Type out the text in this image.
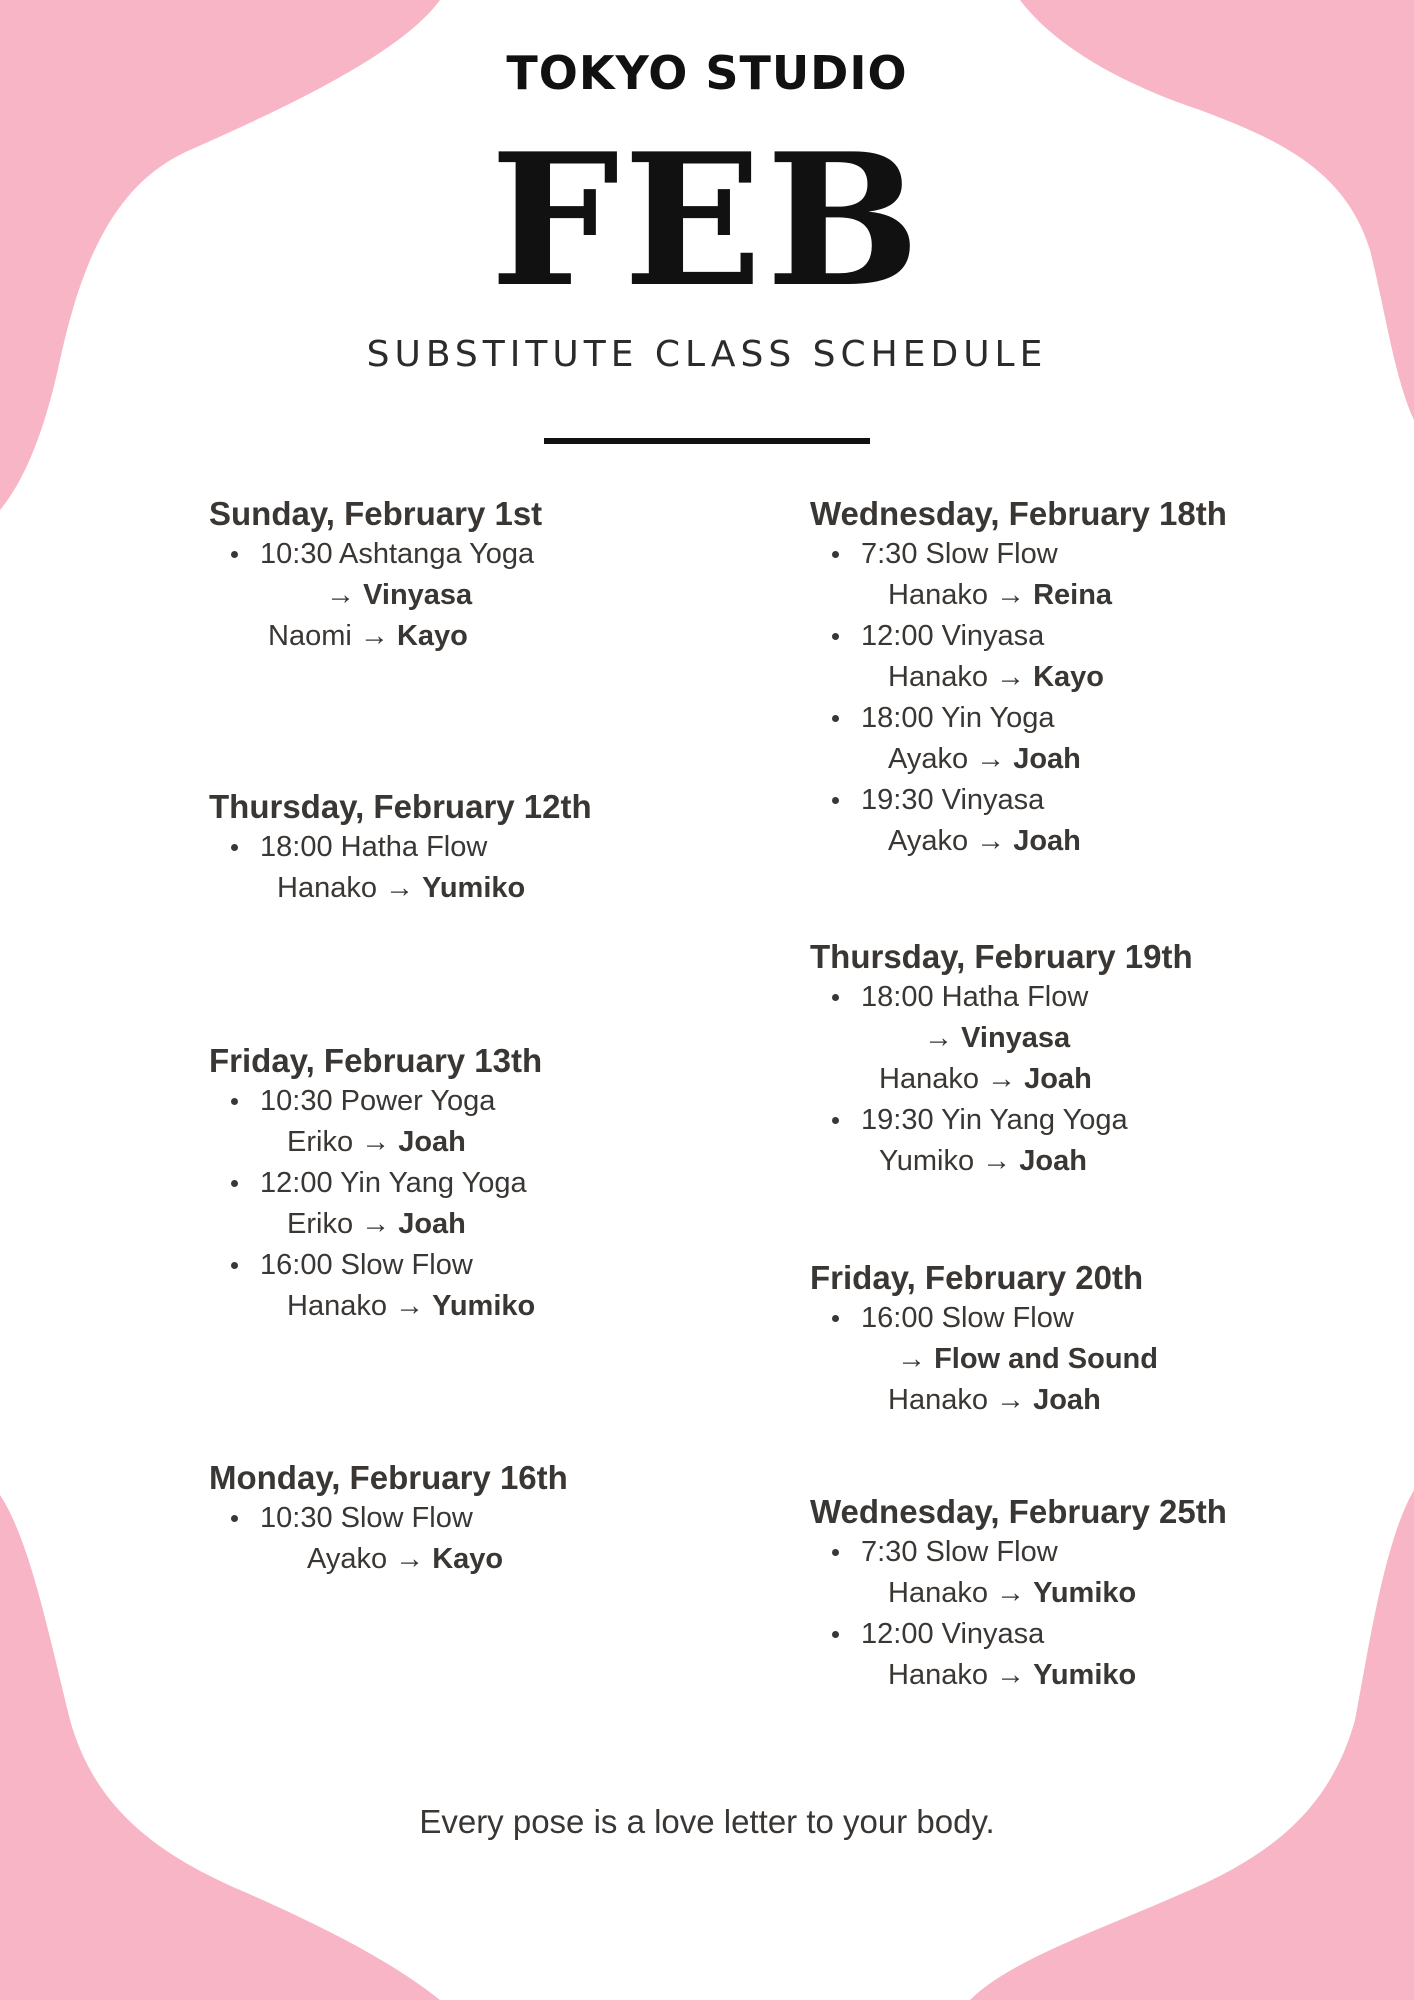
TOKYO STUDIO
FEB
SUBSTITUTE CLASS SCHEDULE
Sunday, February 1st
10:30 Ashtanga Yoga
→ Vinyasa
Naomi → Kayo
Thursday, February 12th
18:00 Hatha Flow
Hanako → Yumiko
Friday, February 13th
10:30 Power Yoga
Eriko → Joah
12:00 Yin Yang Yoga
Eriko → Joah
16:00 Slow Flow
Hanako → Yumiko
Monday, February 16th
10:30 Slow Flow
Ayako → Kayo
Wednesday, February 18th
7:30 Slow Flow
Hanako → Reina
12:00 Vinyasa
Hanako → Kayo
18:00 Yin Yoga
Ayako → Joah
19:30 Vinyasa
Ayako → Joah
Thursday, February 19th
18:00 Hatha Flow
→ Vinyasa
Hanako → Joah
19:30 Yin Yang Yoga
Yumiko → Joah
Friday, February 20th
16:00 Slow Flow
→ Flow and Sound
Hanako → Joah
Wednesday, February 25th
7:30 Slow Flow
Hanako → Yumiko
12:00 Vinyasa
Hanako → Yumiko
Every pose is a love letter to your body.
